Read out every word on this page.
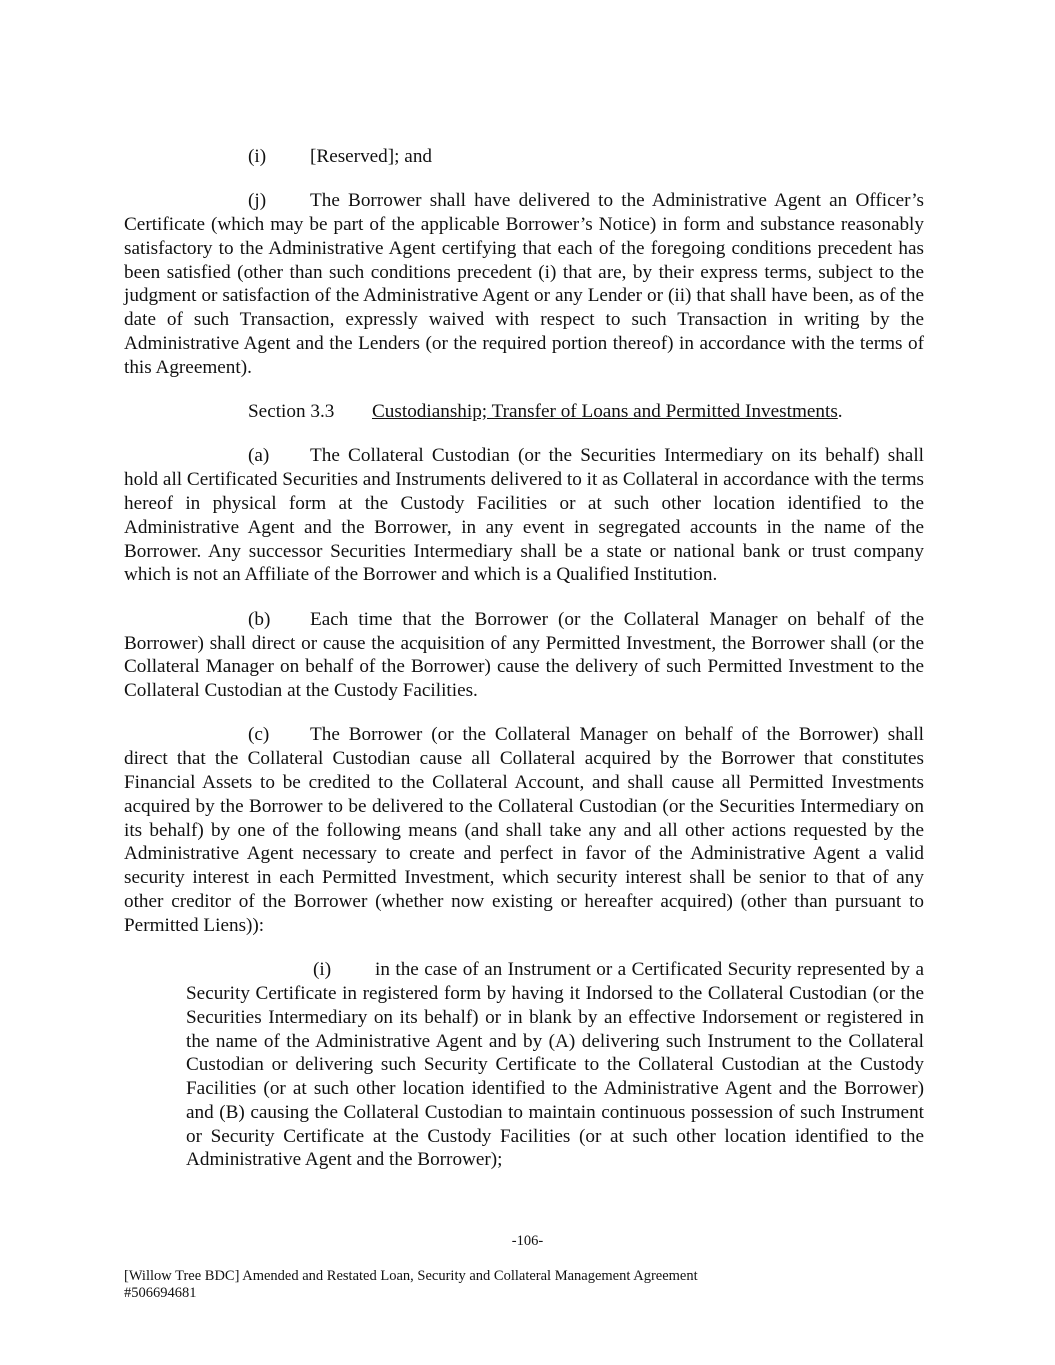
(i) [Reserved]; and

(j) The Borrower shall have delivered to the Administrative Agent an Officer’s Certificate (which may be part of the applicable Borrower’s Notice) in form and substance reasonably satisfactory to the Administrative Agent certifying that each of the foregoing conditions precedent has been satisfied (other than such conditions precedent (i) that are, by their express terms, subject to the judgment or satisfaction of the Administrative Agent or any Lender or (ii) that shall have been, as of the date of such Transaction, expressly waived with respect to such Transaction in writing by the Administrative Agent and the Lenders (or the required portion thereof) in accordance with the terms of this Agreement).

Section 3.3 Custodianship; Transfer of Loans and Permitted Investments.

(a) The Collateral Custodian (or the Securities Intermediary on its behalf) shall hold all Certificated Securities and Instruments delivered to it as Collateral in accordance with the terms hereof in physical form at the Custody Facilities or at such other location identified to the Administrative Agent and the Borrower, in any event in segregated accounts in the name of the Borrower. Any successor Securities Intermediary shall be a state or national bank or trust company which is not an Affiliate of the Borrower and which is a Qualified Institution.

(b) Each time that the Borrower (or the Collateral Manager on behalf of the Borrower) shall direct or cause the acquisition of any Permitted Investment, the Borrower shall (or the Collateral Manager on behalf of the Borrower) cause the delivery of such Permitted Investment to the Collateral Custodian at the Custody Facilities.

(c) The Borrower (or the Collateral Manager on behalf of the Borrower) shall direct that the Collateral Custodian cause all Collateral acquired by the Borrower that constitutes Financial Assets to be credited to the Collateral Account, and shall cause all Permitted Investments acquired by the Borrower to be delivered to the Collateral Custodian (or the Securities Intermediary on its behalf) by one of the following means (and shall take any and all other actions requested by the Administrative Agent necessary to create and perfect in favor of the Administrative Agent a valid security interest in each Permitted Investment, which security interest shall be senior to that of any other creditor of the Borrower (whether now existing or hereafter acquired) (other than pursuant to Permitted Liens)):

(i) in the case of an Instrument or a Certificated Security represented by a Security Certificate in registered form by having it Indorsed to the Collateral Custodian (or the Securities Intermediary on its behalf) or in blank by an effective Indorsement or registered in the name of the Administrative Agent and by (A) delivering such Instrument to the Collateral Custodian or delivering such Security Certificate to the Collateral Custodian at the Custody Facilities (or at such other location identified to the Administrative Agent and the Borrower) and (B) causing the Collateral Custodian to maintain continuous possession of such Instrument or Security Certificate at the Custody Facilities (or at such other location identified to the Administrative Agent and the Borrower);

-106-
[Willow Tree BDC] Amended and Restated Loan, Security and Collateral Management Agreement
#506694681
